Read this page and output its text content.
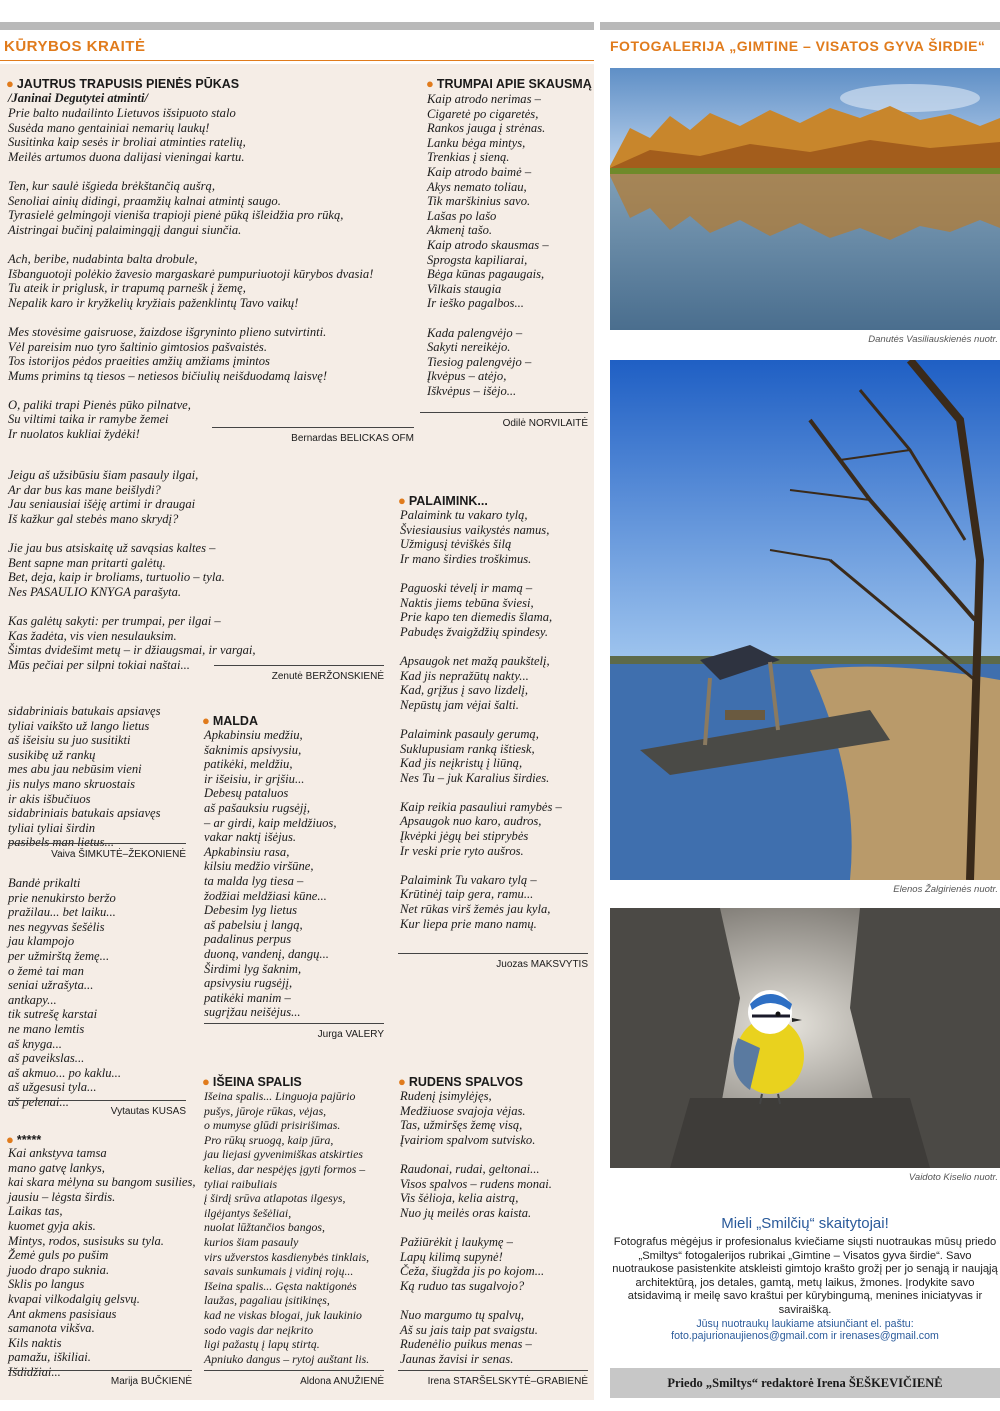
KŪRYBOS KRAITĖ	FOTOGALERIJA „GIMTINE – VISATOS GYVA ŠIRDIE“
● JAUTRUS TRAPUSIS PIENĖS PŪKAS
/Janinai Degutytei atminti/
Prie balto nudailinto Lietuvos išsipuoto stalo
Susėda mano gentainiai nemarių laukų!
Susitinka kaip sesės ir broliai atminties ratelių,
Meilės artumos duona dalijasi vieningai kartu.

Ten, kur saulė išgieda brėkštančią aušrą,
Senoliai ainių didingi, praamžių kalnai atmintį saugo.
Tyrasielė gelmingoji vieniša trapioji pienė pūką išleidžia pro rūką,
Aistringai bučinį palaimingąjį dangui siunčia.

Ach, beribe, nudabinta balta drobule,
Išbanguotoji polėkio žavesio margaskarė pumpuriuotoji kūrybos dvasia!
Tu ateik ir priglusk, ir trapumą parnešk į žemę,
Nepalik karo ir kryžkelių kryžiais paženklintų Tavo vaikų!

Mes stovėsime gaisruose, žaizdose išgryninto plieno sutvirtinti.
Vėl pareisim nuo tyro šaltinio gimtosios pašvaistės.
Tos istorijos pėdos praeities amžių amžiams įmintos
Mums primins tą tiesos – netiesos bičiulių neišduodamą laisvę!

O, paliki trapi Pienės pūko pilnatve,
Su viltimi taika ir ramybe žemei
Ir nuolatos kukliai žydėki!	Bernardas BELICKAS OFM
● TRUMPAI APIE SKAUSMĄ
Kaip atrodo nerimas –
Cigaretė po cigaretės,
Rankos jauga į strėnas.
Lanku bėga mintys,
Trenkias į sieną.
Kaip atrodo baimė –
Akys nemato toliau,
Tik marškinius savo.
Lašas po lašo
Akmenį tašo.
Kaip atrodo skausmas –
Sprogsta kapiliarai,
Bėga kūnas pagaugais,
Vilkais staugia
Ir ieško pagalbos...

Kada palengvėjo –
Sakyti nereikėjo.
Tiesiog palengvėjo –
Įkvėpus – atėjo,
Iškvėpus – išėjo...
Odilė NORVILAITĖ
Jeigu aš užsibūsiu šiam pasauly ilgai,
Ar dar bus kas mane beišlydi?
Jau seniausiai išėję artimi ir draugai
Iš kažkur gal stebės mano skrydį?

Jie jau bus atsiskaitę už savąsias kaltes –
Bent sapne man pritarti galėtų.
Bet, deja, kaip ir broliams, turtuolio – tyla.
Nes PASAULIO KNYGA parašyta.

Kas galėtų sakyti: per trumpai, per ilgai –
Kas žadėta, vis vien nesulauksim.
Šimtas dvidešimt metų – ir džiaugsmai, ir vargai,
Mūs pečiai per silpni tokiai naštai...
Zenutė BERŽONSKIENĖ
● PALAIMINK...
Palaimink tu vakaro tylą,
Šviesiausius vaikystės namus,
Užmigusį tėviškės šilą
Ir mano širdies troškimus.

Paguoski tėvelį ir mamą –
Naktis jiems tebūna šviesi,
Prie kapo ten diemedis šlama,
Pabudęs žvaigždžių spindesy.

Apsaugok net mažą paukštelį,
Kad jis nepražūtų nakty...
Kad, grįžus į savo lizdelį,
Nepūstų jam vėjai šalti.

Palaimink pasauly gerumą,
Suklupusiam ranką ištiesk,
Kad jis neįkristų į liūną,
Nes Tu – juk Karalius širdies.

Kaip reikia pasauliui ramybės –
Apsaugok nuo karo, audros,
Įkvėpki jėgų bei stiprybės
Ir veski prie ryto aušros.

Palaimink Tu vakaro tylą –
Krūtinėj taip gera, ramu...
Net rūkas virš žemės jau kyla,
Kur liepa prie mano namų.
Juozas MAKSVYTIS
sidabriniais batukais apsiavęs
tyliai vaikšto už lango lietus
aš išeisiu su juo susitikti
susikibę už rankų
mes abu jau nebūsim vieni
jis nulys mano skruostais
ir akis išbučiuos
sidabriniais batukais apsiavęs
tyliai tyliai širdin
pasibels man lietus...
Vaiva ŠIMKUTĖ–ŽEKONIENĖ
● MALDA
Apkabinsiu medžiu,
šaknimis apsivysiu,
patikėki, meldžiu,
ir išeisiu, ir grįšiu...
Debesų pataluos
aš pašauksiu rugsėjį,
– ar girdi, kaip meldžiuos,
vakar naktį išėjus.
Apkabinsiu rasa,
kilsiu medžio viršūne,
ta malda lyg tiesa –
žodžiai meldžiasi kūne...
Debesim lyg lietus
aš pabelsiu į langą,
padalinus perpus
duoną, vandenį, dangų...
Širdimi lyg šaknim,
apsivysiu rugsėjį,
patikėki manim –
sugrįžau neišėjus...
Jurga VALERY
Bandė prikalti
prie nenukirsto beržo
pražilau... bet laiku...
nes negyvas šešėlis
jau klampojo
per užmirštą žemę...
o žemė tai man
seniai užrašyta...
antkapy...
tik sutrešę karstai
ne mano lemtis
aš knyga...
aš paveikslas...
aš akmuo... po kaklu...
aš užgesusi tyla...
aš pelenai...
Vytautas KUSAS
● *****
Kai ankstyva tamsa
mano gatvę lankys,
kai skara mėlyna su bangom susilies,
jausiu – lėgsta širdis.
Laikas tas,
kuomet gyja akis.
Mintys, rodos, susisuks su tyla.
Žemė guls po pušim
juodo drapo suknia.
Sklis po langus
kvapai vilkodalgių gelsvų.
Ant akmens pasisiaus
samanota vikšva.
Kils naktis
pamažu, iškiliai.
Išdidžiai...
Marija BUČKIENĖ
● IŠEINA SPALIS
Išeina spalis... Linguoja pajūrio
pušys, jūroje rūkas, vėjas,
o mumyse glūdi prisirišimas.
Pro rūkų sruogą, kaip jūra,
jau liejasi gyvenimiškas atskirties
kelias, dar nespėjęs įgyti formos –
tyliai raibuliais
į širdį srūva atlapotas ilgesys,
ilgėjantys šešėliai,
nuolat lūžtančios bangos,
kurios šiam pasauly
virs užverstos kasdienybės tinklais,
savais sunkumais į vidinį rojų...
Išeina spalis... Gęsta naktigonės
laužas, pagaliau įsitikinęs,
kad ne viskas blogai, juk laukinio
sodo vagis dar neįkrito
ligi pažastų į lapų stirtą.
Apniuko dangus – rytoj auštant lis.
Aldona ANUŽIENĖ
● RUDENS SPALVOS
Rudenį įsimylėjęs,
Medžiuose svajoja vėjas.
Tas, užmiršęs žemę visą,
Įvairiom spalvom sutvisko.

Raudonai, rudai, geltonai...
Visos spalvos – rudens monai.
Vis šėlioja, kelia aistrą,
Nuo jų meilės oras kaista.

Pažiūrėkit į laukymę –
Lapų kilimą supynė!
Čeža, šiugžda jis po kojom...
Ką ruduo tas sugalvojo?

Nuo margumo tų spalvų,
Aš su jais taip pat svaigstu.
Rudenėlio puikus menas –
Jaunas žavisi ir senas.
Irena STARŠELSKYTĖ–GRABIENĖ
Danutės Vasiliauskienės nuotr.
Elenos Žalgirienės nuotr.
Vaidoto Kiselio nuotr.
Mieli „Smilčių“ skaitytojai!

Fotografus mėgėjus ir profesionalus kviečiame siųsti nuotraukas mūsų priedo „Smiltys“ fotogalerijos rubrikai „Gimtine – Visatos gyva širdie“. Savo nuotraukose pasistenkite atskleisti gimtojo krašto grožį per jo senąją ir naująją architektūrą, jos detales, gamtą, metų laikus, žmones. Įrodykite savo atsidavimą ir meilę savo kraštui per kūrybingumą, menines iniciatyvas ir saviraišką.

Jūsų nuotraukų laukiame atsiunčiant el. paštu:

foto.pajurionaujienos@gmail.com ir irenases@gmail.com

Priedo „Smiltys“ redaktorė Irena ŠEŠKEVIČIENĖ
